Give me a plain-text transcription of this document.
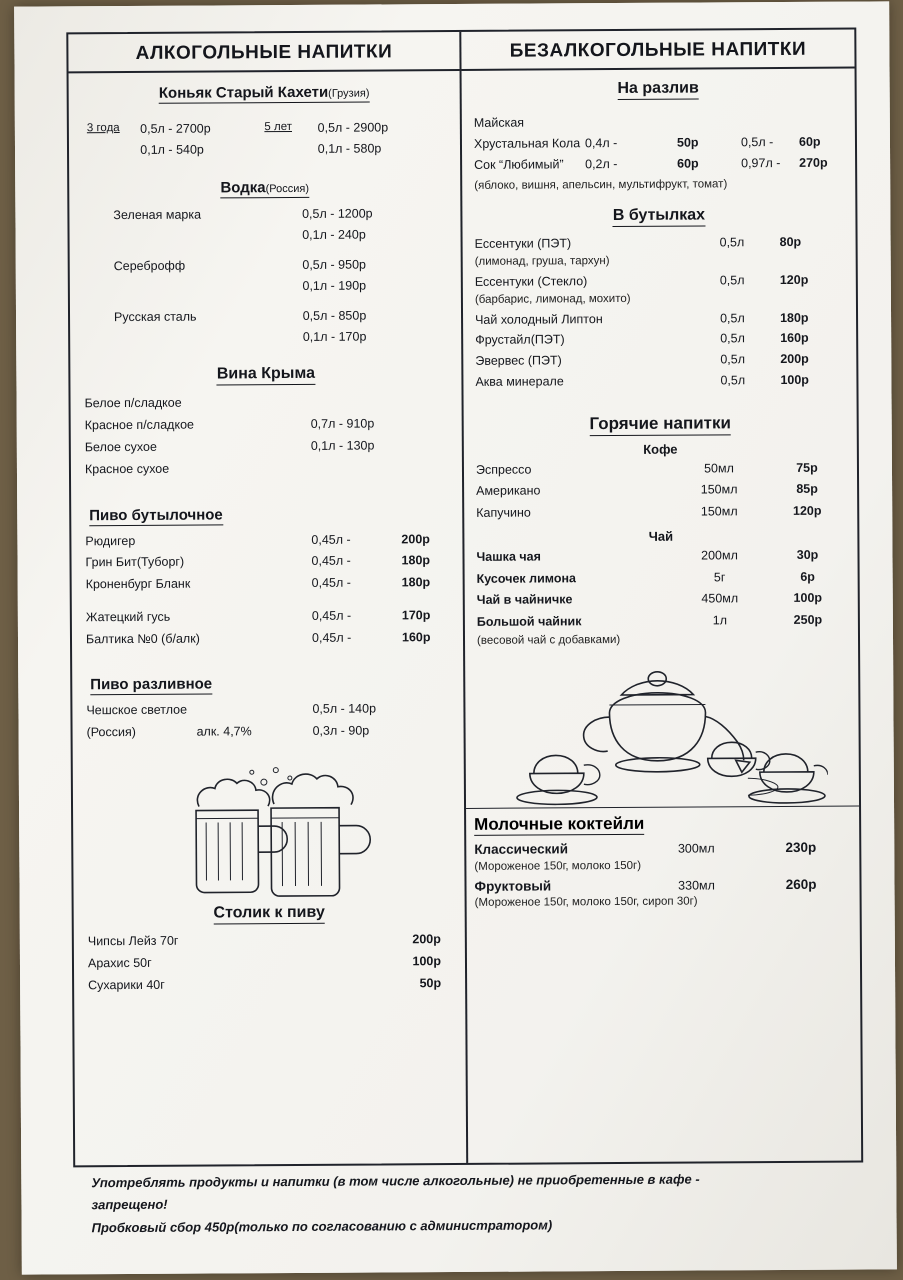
АЛКОГОЛЬНЫЕ НАПИТКИ
Коньяк Старый Кахети(Грузия)
3 года	0,5л - 2700р	5 лет	0,5л - 2900р
0,1л - 540р	0,1л - 580р
Водка(Россия)
Зеленая марка	0,5л - 1200р
0,1л - 240р
Сереброфф	0,5л - 950р
0,1л - 190р
Русская сталь	0,5л - 850р
0,1л - 170р
Вина Крыма
Белое п/сладкое
Красное п/сладкое	0,7л - 910р
Белое сухое	0,1л - 130р
Красное сухое
Пиво бутылочное
Рюдигер	0,45л -	200р
Грин Бит(Туборг)	0,45л -	180р
Кроненбург Бланк	0,45л -	180р
Жатецкий гусь	0,45л -	170р
Балтика №0 (б/алк)	0,45л -	160р
Пиво разливное
Чешское светлое	0,5л - 140р
(Россия)	алк. 4,7%	0,3л - 90р
Столик к пиву
Чипсы Лейз 70г	200р
Арахис 50г	100р
Сухарики 40г	50р
БЕЗАЛКОГОЛЬНЫЕ НАПИТКИ
На разлив
Майская
Хрустальная Кола 0,4л -	50р	0,5л -	60р
Сок “Любимый”	0,2л -	60р	0,97л -	270р
(яблоко, вишня, апельсин, мультифрукт, томат)
В бутылках
Ессентуки (ПЭТ)	0,5л	80р
(лимонад, груша, тархун)
Ессентуки (Стекло)	0,5л	120р
(барбарис, лимонад, мохито)
Чай холодный Липтон	0,5л	180р
Фрустайл(ПЭТ)	0,5л	160р
Эвервес (ПЭТ)	0,5л	200р
Аква минерале	0,5л	100р
Горячие напитки
Кофе
Эспрессо	50мл	75р
Американо	150мл	85р
Капучино	150мл	120р
Чай
Чашка чая	200мл	30р
Кусочек лимона	5г	6р
Чай в чайничке	450мл	100р
Большой чайник	1л	250р
(весовой чай с добавками)
Молочные коктейли
Классический	300мл	230р
(Мороженое 150г, молоко 150г)
Фруктовый	330мл	260р
(Мороженое 150г, молоко 150г, сироп 30г)
Употреблять продукты и напитки (в том числе алкогольные) не приобретенные в кафе -
запрещено!
Пробковый сбор 450р(только по согласованию с администратором)
